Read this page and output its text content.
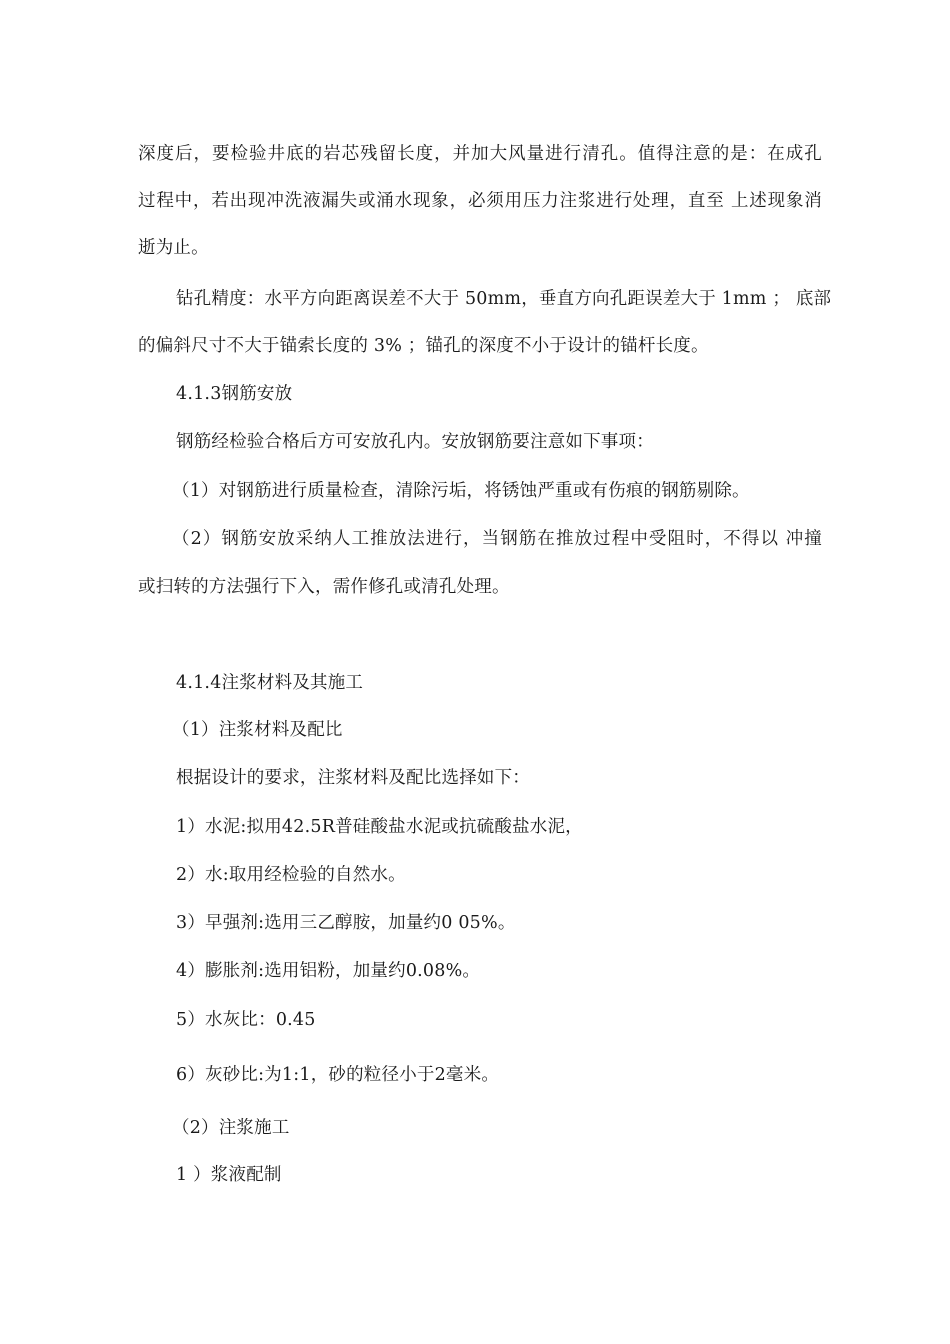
深度后，要检验井底的岩芯残留长度，并加大风量进行清孔。值得注意的是：在成孔
过程中，若出现冲洗液漏失或涌水现象，必须用压力注浆进行处理，直至 上述现象消
逝为止。
钻孔精度：水平方向距离误差不大于 50mm，垂直方向孔距误差大于 1mm ； 底部
的偏斜尺寸不大于锚索长度的 3% ；锚孔的深度不小于设计的锚杆长度。
4.1.3钢筋安放
钢筋经检验合格后方可安放孔内。安放钢筋要注意如下事项：
（1）对钢筋进行质量检查，清除污垢，将锈蚀严重或有伤痕的钢筋剔除。
（2）钢筋安放采纳人工推放法进行，当钢筋在推放过程中受阻时，不得以 冲撞
或扫转的方法强行下入，需作修孔或清孔处理。
4.1.4注浆材料及其施工
（1）注浆材料及配比
根据设计的要求，注浆材料及配比选择如下：
1）水泥:拟用42.5R普硅酸盐水泥或抗硫酸盐水泥，
2）水:取用经检验的自然水。
3）早强剂:选用三乙醇胺，加量约0 05%。
4）膨胀剂:选用铝粉，加量约0.08%。
5）水灰比：0.45
6）灰砂比:为1:1，砂的粒径小于2毫米。
（2）注浆施工
1 ）浆液配制
